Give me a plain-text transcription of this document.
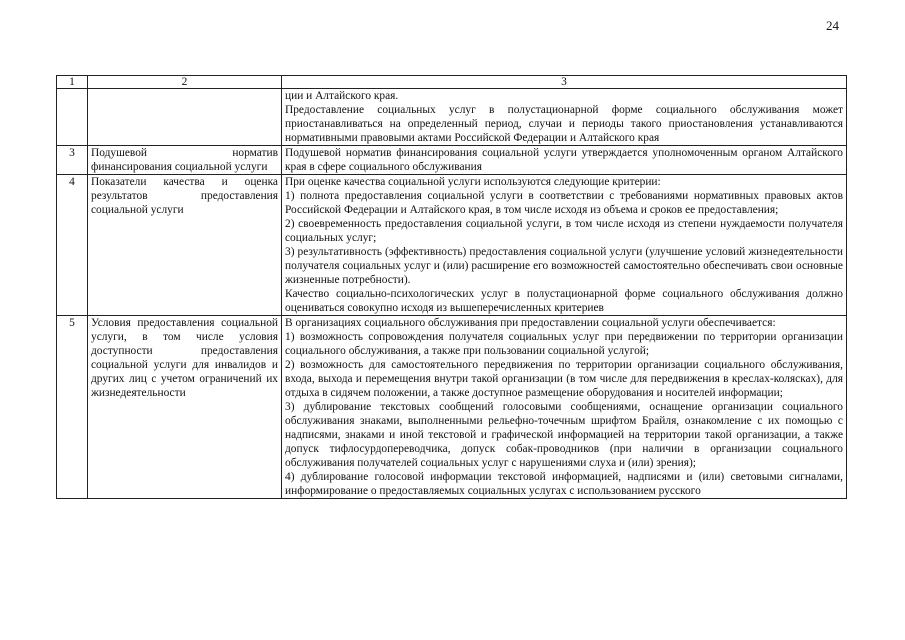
24
1	2	3

		ции и Алтайского края.

Предоставление социальных услуг в полустационарной форме социального обслуживания может приостанавливаться на определенный период, случаи и периоды такого приостановления устанавливаются нормативными правовыми актами Российской Федерации и Алтайского края

3	Подушевой норматив финансирования социальной услуги	Подушевой норматив финансирования социальной услуги утверждается уполномоченным органом Алтайского края в сфере социального обслуживания

4	Показатели качества и оценка результатов предоставления социальной услуги	При оценке качества социальной услуги используются следующие критерии:

1) полнота предоставления социальной услуги в соответствии с требованиями нормативных правовых актов Российской Федерации и Алтайского края, в том числе исходя из объема и сроков ее предоставления;

2) своевременность предоставления социальной услуги, в том числе исходя из степени нуждаемости получателя социальных услуг;

3) результативность (эффективность) предоставления социальной услуги (улучшение условий жизнедеятельности получателя социальных услуг и (или) расширение его возможностей самостоятельно обеспечивать свои основные жизненные потребности).

Качество социально-психологических услуг в полустационарной форме социального обслуживания должно оцениваться совокупно исходя из вышеперечисленных критериев

5	Условия предоставления социальной услуги, в том числе условия доступности предоставления социальной услуги для инвалидов и других лиц с учетом ограничений их жизнедеятельности	В организациях социального обслуживания при предоставлении социальной услуги обеспечивается:

1) возможность сопровождения получателя социальных услуг при передвижении по территории организации социального обслуживания, а также при пользовании социальной услугой;

2) возможность для самостоятельного передвижения по территории организации социального обслуживания, входа, выхода и перемещения внутри такой организации (в том числе для передвижения в креслах-колясках), для отдыха в сидячем положении, а также доступное размещение оборудования и носителей информации;

3) дублирование текстовых сообщений голосовыми сообщениями, оснащение организации социального обслуживания знаками, выполненными рельефно-точечным шрифтом Брайля, ознакомление с их помощью с надписями, знаками и иной текстовой и графической информацией на территории такой организации, а также допуск тифлосурдопереводчика, допуск собак-проводников (при наличии в организации социального обслуживания получателей социальных услуг с нарушениями слуха и (или) зрения);

4) дублирование голосовой информации текстовой информацией, надписями и (или) световыми сигналами, информирование о предоставляемых социальных услугах с использованием русского
